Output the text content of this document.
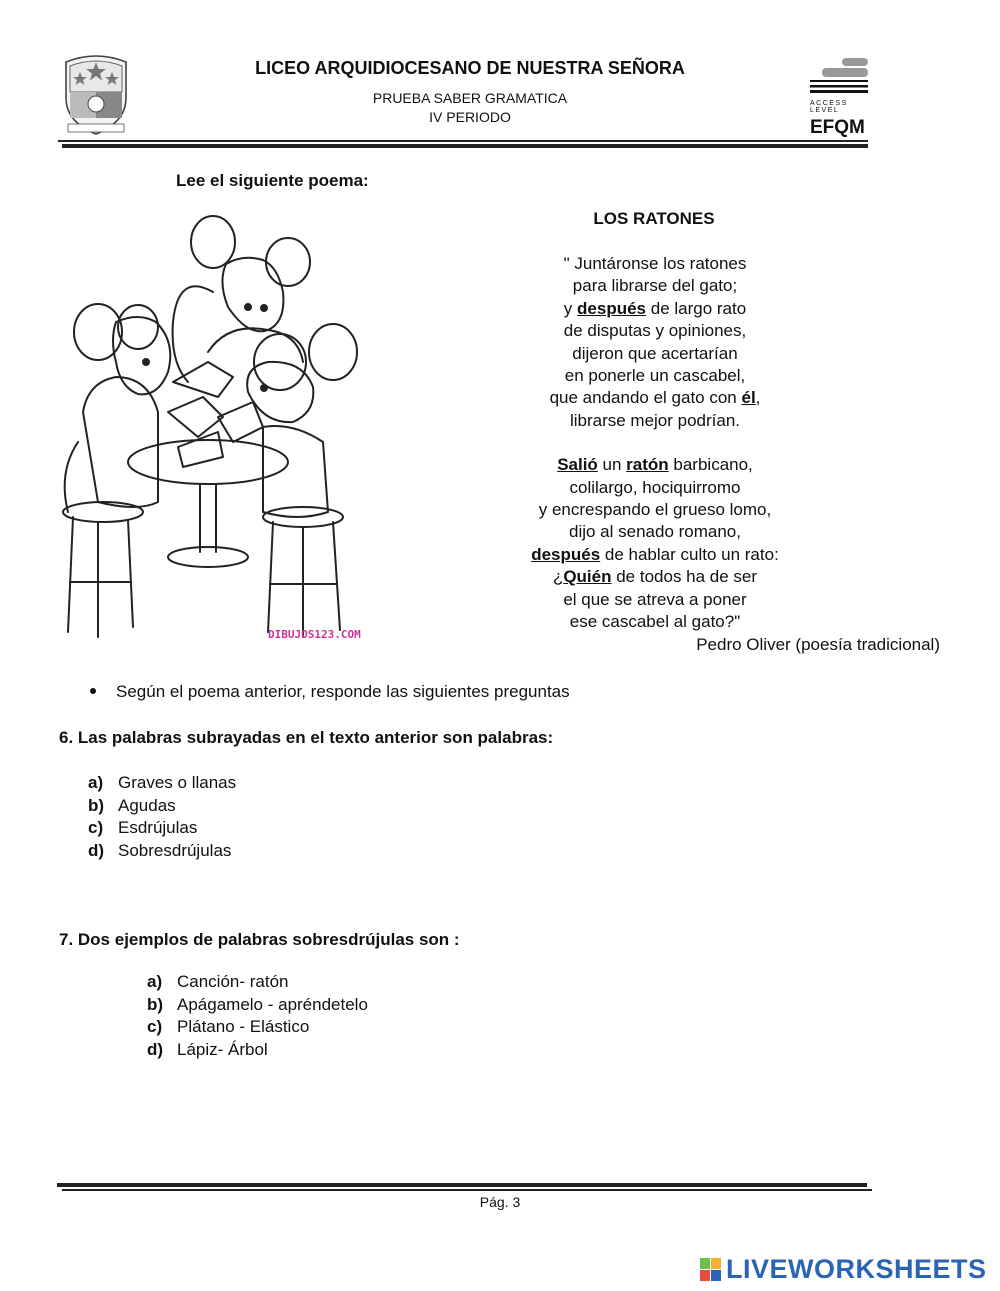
LICEO ARQUIDIOCESANO DE NUESTRA SEÑORA
PRUEBA SABER GRAMATICA
IV PERIODO
ACCESS LEVEL
EFQM
Lee el siguiente poema:
DIBUJOS123.COM
LOS RATONES
" Juntáronse los ratones
para librarse del gato;
y después de largo rato
de disputas y opiniones,
dijeron que acertarían
en ponerle un cascabel,
que andando el gato con él,
librarse mejor podrían.
Salió un ratón barbicano,
colilargo, hociquirromo
y encrespando el grueso lomo,
dijo al senado romano,
después de hablar culto un rato:
¿Quién de todos ha de ser
el que se atreva a poner
ese cascabel al gato?"
Pedro Oliver (poesía tradicional)
Según el poema anterior, responde las siguientes preguntas
6. Las palabras subrayadas en el texto anterior son palabras:
a) Graves o llanas
b) Agudas
c) Esdrújulas
d) Sobresdrújulas
7. Dos ejemplos de palabras sobresdrújulas son :
a) Canción- ratón
b) Apágamelo - apréndetelo
c) Plátano - Elástico
d) Lápiz- Árbol
Pág. 3
LIVEWORKSHEETS
